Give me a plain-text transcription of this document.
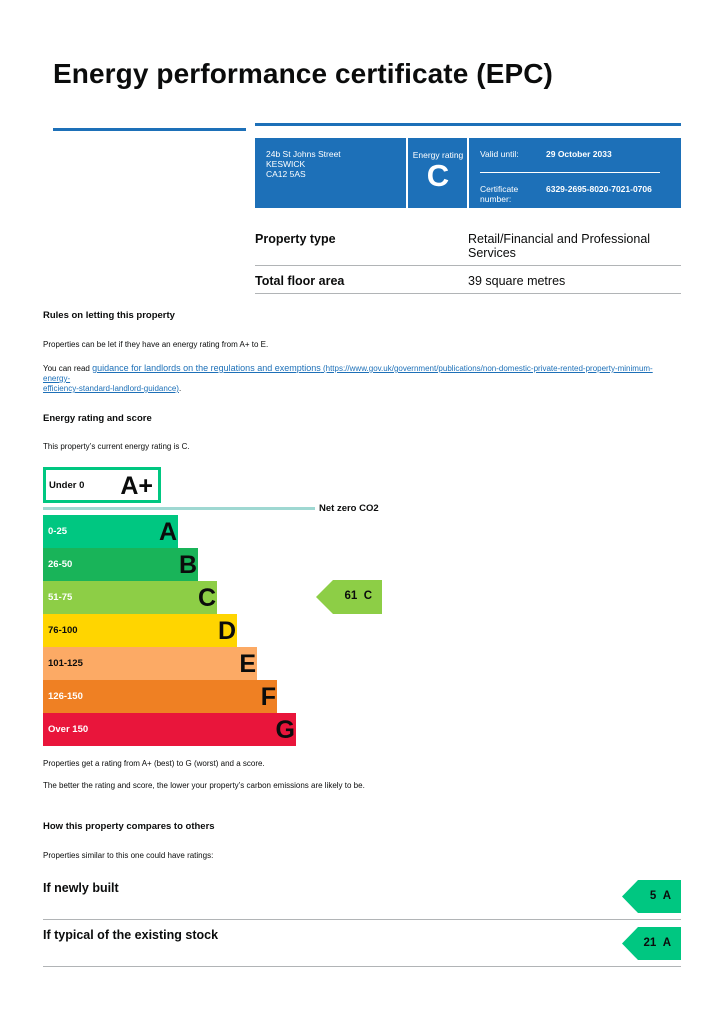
Energy performance certificate (EPC)
24b St Johns Street
KESWICK
CA12 5AS
Energy rating
C
Valid until:	29 October 2033
Certificate
number:
6329-2695-8020-7021-0706
Property type	Retail/Financial and Professional Services
Total floor area	39 square metres
Rules on letting this property
Properties can be let if they have an energy rating from A+ to E.
You can read guidance for landlords on the regulations and exemptions (https://www.gov.uk/government/publications/non-domestic-private-rented-property-minimum-energy-
efficiency-standard-landlord-guidance).
Energy rating and score
This property’s current energy rating is C.
Under 0 A+
Net zero CO2
0-25	A
26-50	B
51-75	C
76-100	D
101-125	E
126-150	F
Over 150	G
61 C
Properties get a rating from A+ (best) to G (worst) and a score.
The better the rating and score, the lower your property’s carbon emissions are likely to be.
How this property compares to others
Properties similar to this one could have ratings:
If newly built
5 A
If typical of the existing stock
21 A
